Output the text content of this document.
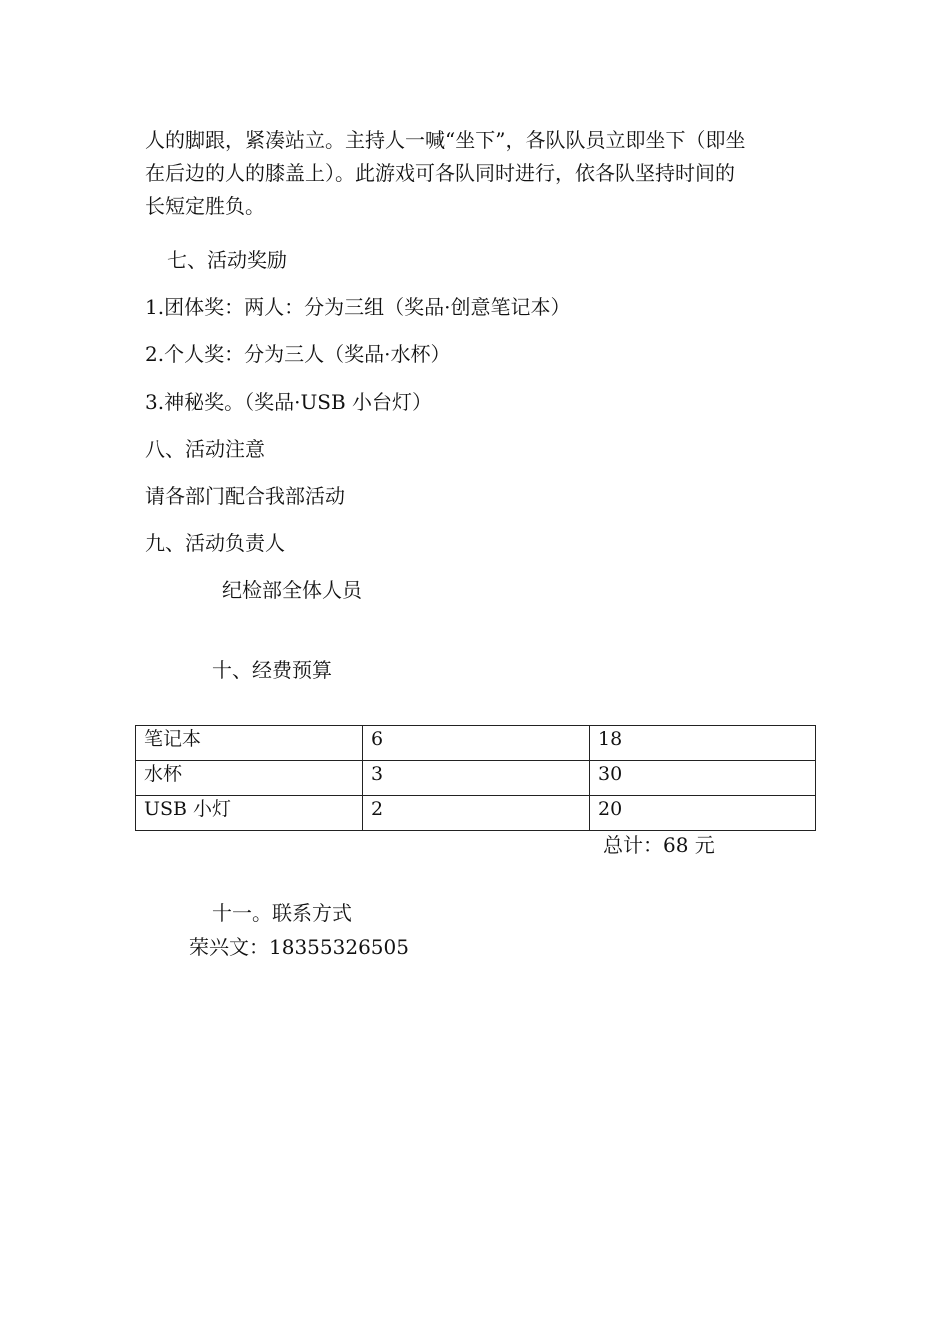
人的脚跟，紧凑站立。主持人一喊“坐下”，各队队员立即坐下（即坐
在后边的人的膝盖上）。此游戏可各队同时进行，依各队坚持时间的
长短定胜负。

七、活动奖励

1.团体奖：两人：分为三组（奖品·创意笔记本）

2.个人奖：分为三人（奖品·水杯）

3.神秘奖。（奖品·USB 小台灯）

八、活动注意

请各部门配合我部活动

九、活动负责人

纪检部全体人员

十、经费预算

笔记本	6	18
水杯	3	30
USB 小灯	2	20

总计：68 元

十一。联系方式

荣兴文：18355326505
